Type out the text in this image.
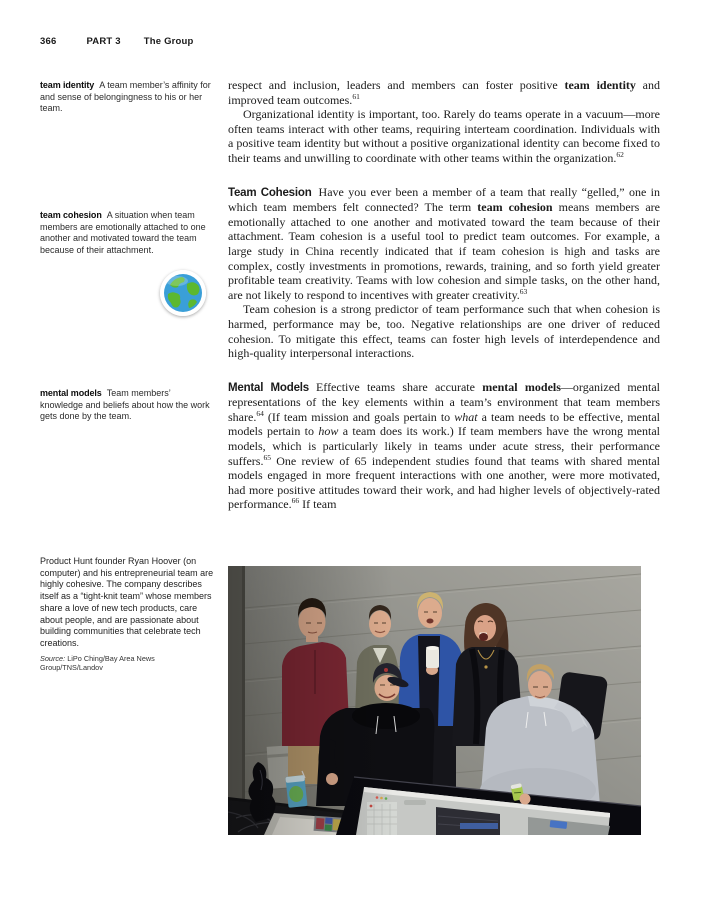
366	PART 3 The Group
team identity A team member’s affinity for and sense of belongingness to his or her team.
team cohesion A situation when team members are emotionally attached to one another and motivated toward the team because of their attachment.
mental models Team members’ knowledge and beliefs about how the work gets done by the team.

respect and inclusion, leaders and members can foster positive team identity and improved team outcomes.$^{61}$

Organizational identity is important, too. Rarely do teams operate in a vacuum—more often teams interact with other teams, requiring interteam coordination. Individuals with a positive team identity but without a positive organizational identity can become fixed to their teams and unwilling to coordinate with other teams within the organization.$^{62}$

Team Cohesion Have you ever been a member of a team that really “gelled,” one in which team members felt connected? The term team cohesion means members are emotionally attached to one another and motivated toward the team because of their attachment. Team cohesion is a useful tool to predict team outcomes. For example, a large study in China recently indicated that if team cohesion is high and tasks are complex, costly investments in promotions, rewards, training, and so forth yield greater profitable team creativity. Teams with low cohesion and simple tasks, on the other hand, are not likely to respond to incentives with greater creativity.$^{63}$

Team cohesion is a strong predictor of team performance such that when cohesion is harmed, performance may be, too. Negative relationships are one driver of reduced cohesion. To mitigate this effect, teams can foster high levels of interdependence and high-quality interpersonal interactions.

Mental Models Effective teams share accurate mental models—organized mental representations of the key elements within a team’s environment that team members share.$^{64}$ (If team mission and goals pertain to what a team needs to be effective, mental models pertain to how a team does its work.) If team members have the wrong mental models, which is particularly likely in teams under acute stress, their performance suffers.$^{65}$ One review of 65 independent studies found that teams with shared mental models engaged in more frequent interactions with one another, were more motivated, had more positive attitudes toward their work, and had higher levels of objectively-rated performance.$^{66}$ If team

Product Hunt founder Ryan Hoover (on computer) and his entrepreneurial team are highly cohesive. The company describes itself as a “tight-knit team” whose members share a love of new tech products, care about people, and are passionate about building communities that celebrate tech creations.

Source: LiPo Ching/Bay Area News Group/TNS/Landov
